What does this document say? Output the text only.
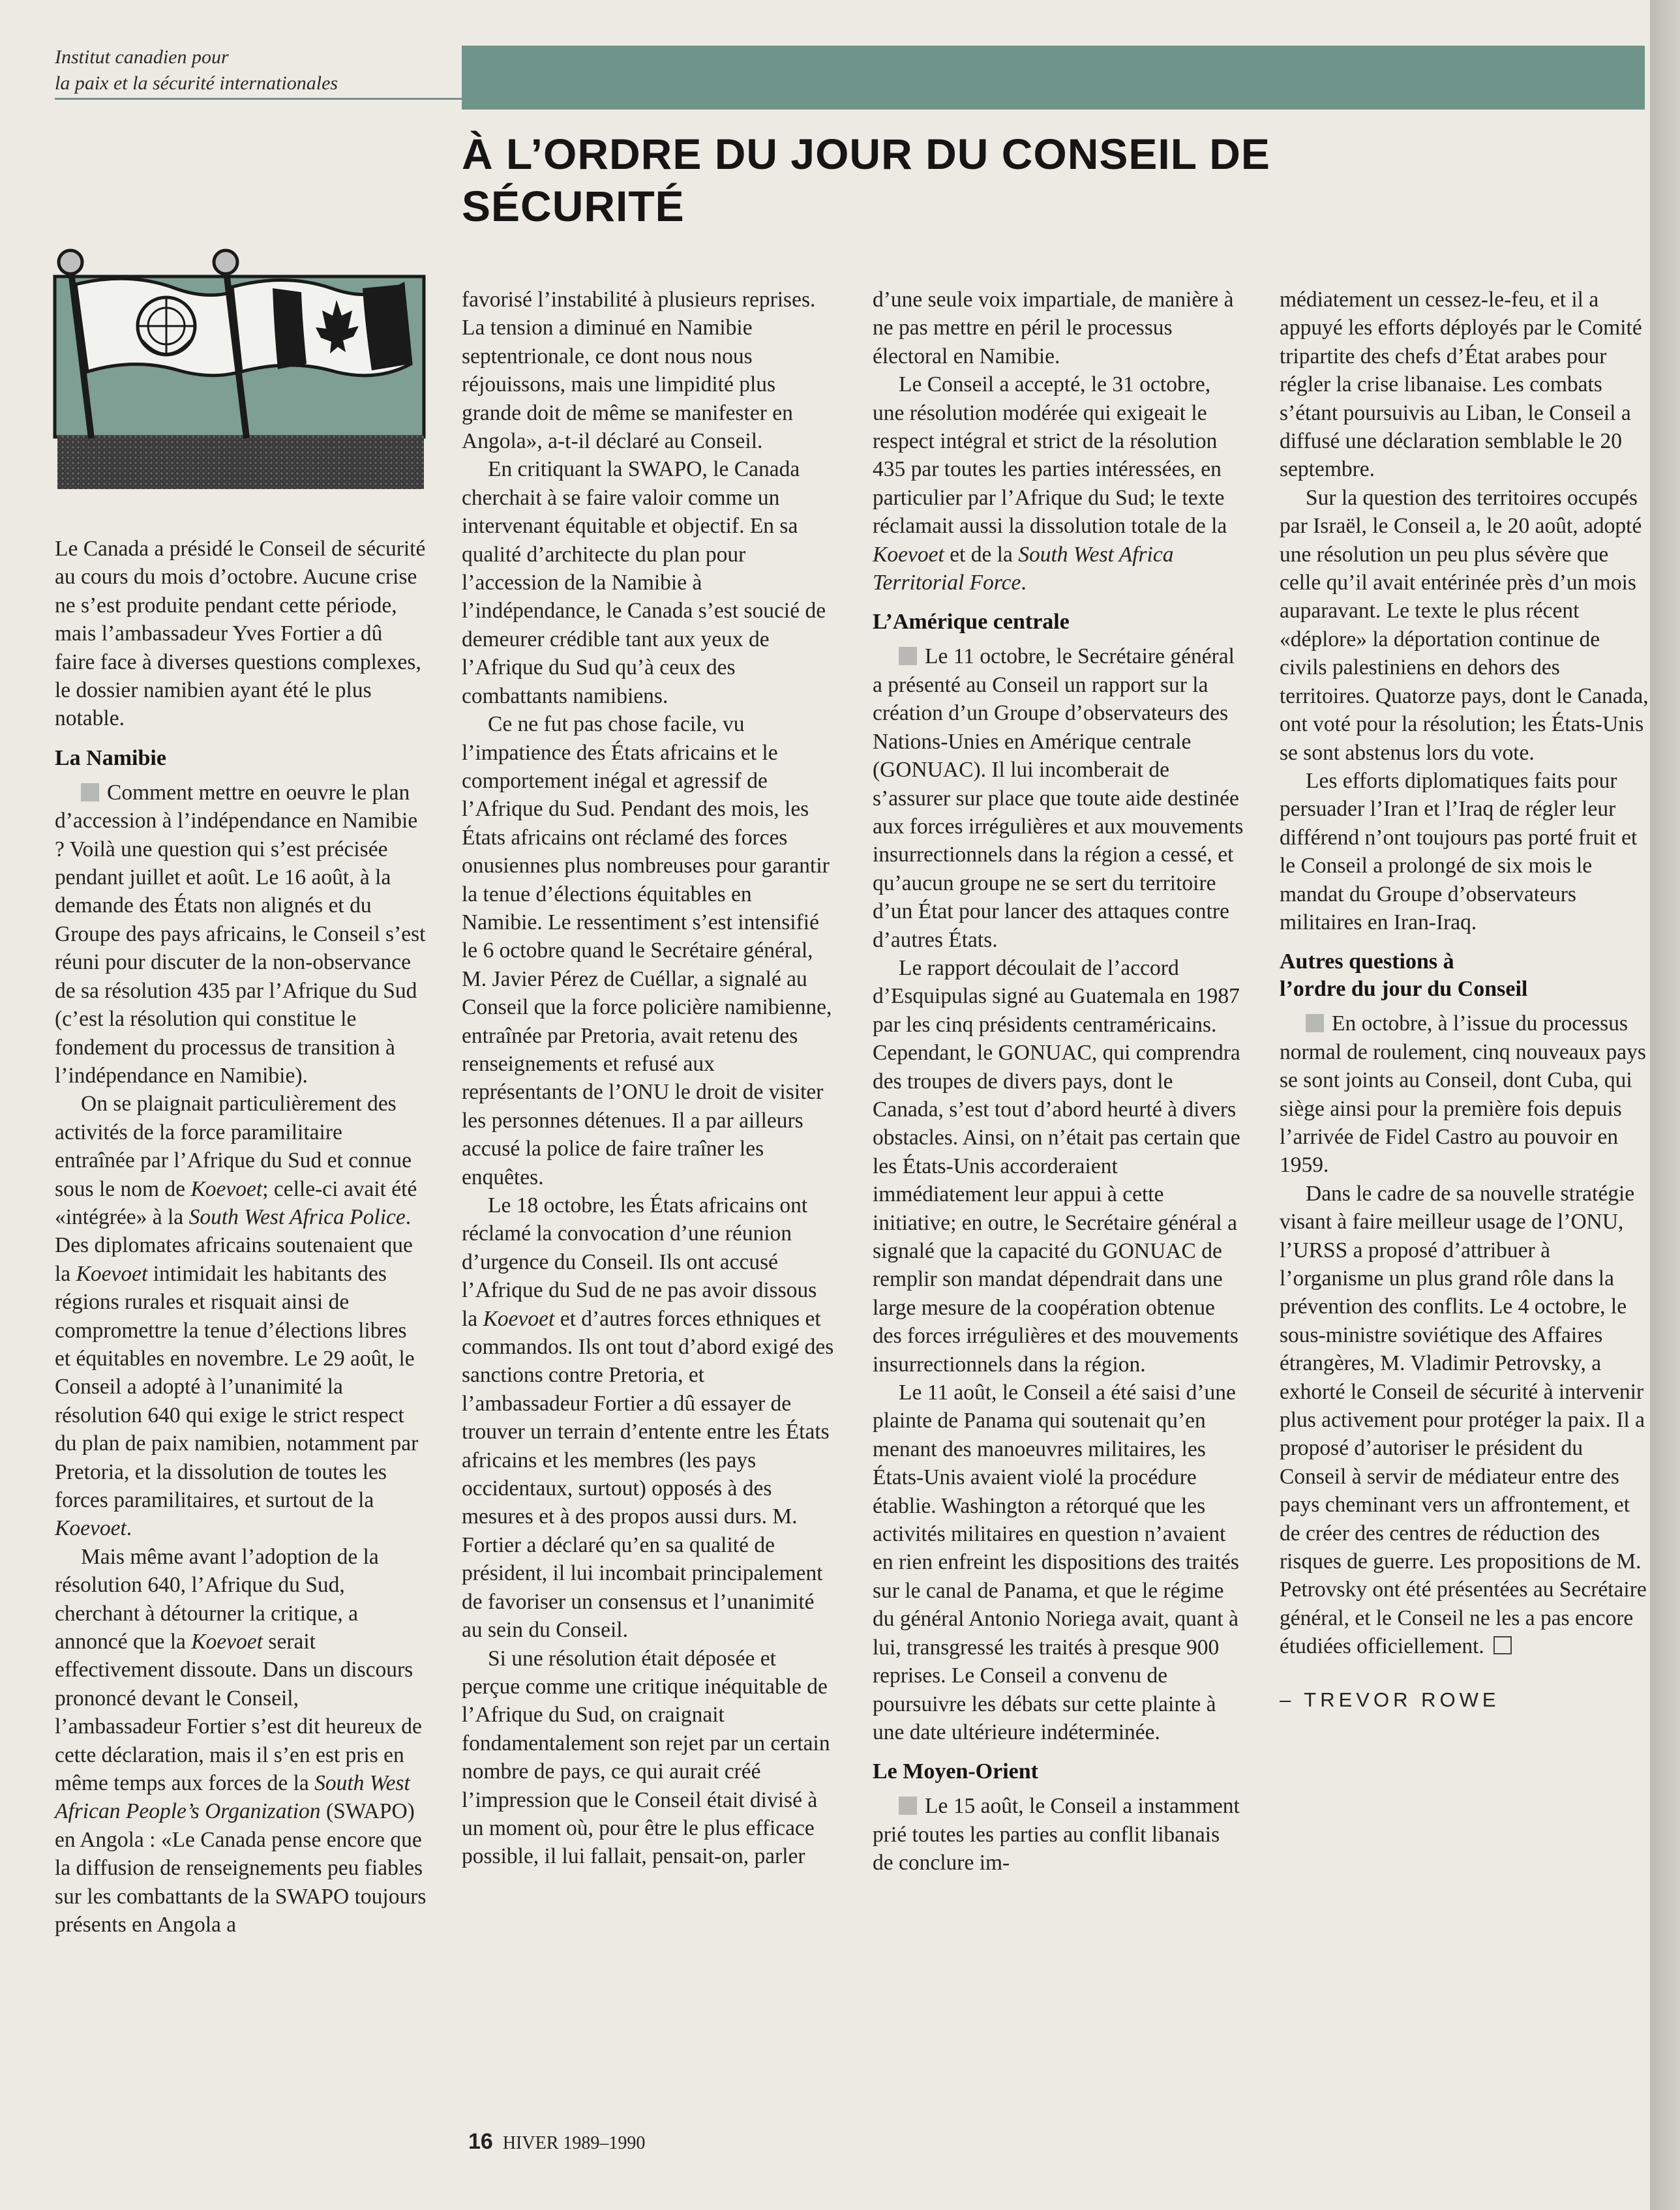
Institut canadien pour
la paix et la sécurité internationales
À L’ORDRE DU JOUR DU CONSEIL DE SÉCURITÉ

Le Canada a présidé le Conseil de sécurité au cours du mois d’octobre. Aucune crise ne s’est produite pendant cette période, mais l’ambassadeur Yves Fortier a dû faire face à diverses questions complexes, le dossier namibien ayant été le plus notable.

La Namibie

Comment mettre en oeuvre le plan d’accession à l’indépendance en Namibie ? Voilà une question qui s’est précisée pendant juillet et août. Le 16 août, à la demande des États non alignés et du Groupe des pays africains, le Conseil s’est réuni pour discuter de la non-observance de sa résolution 435 par l’Afrique du Sud (c’est la résolution qui constitue le fondement du processus de transition à l’indépendance en Namibie).

On se plaignait particulièrement des activités de la force paramilitaire entraînée par l’Afrique du Sud et connue sous le nom de Koevoet; celle-ci avait été «intégrée» à la South West Africa Police. Des diplomates africains soutenaient que la Koevoet intimidait les habitants des régions rurales et risquait ainsi de compromettre la tenue d’élections libres et équitables en novembre. Le 29 août, le Conseil a adopté à l’unanimité la résolution 640 qui exige le strict respect du plan de paix namibien, notamment par Pretoria, et la dissolution de toutes les forces paramilitaires, et surtout de la Koevoet.

Mais même avant l’adoption de la résolution 640, l’Afrique du Sud, cherchant à détourner la critique, a annoncé que la Koevoet serait effectivement dissoute. Dans un discours prononcé devant le Conseil, l’ambassadeur Fortier s’est dit heureux de cette déclaration, mais il s’en est pris en même temps aux forces de la South West African People’s Organization (SWAPO) en Angola : «Le Canada pense encore que la diffusion de renseignements peu fiables sur les combattants de la SWAPO toujours présents en Angola a

favorisé l’instabilité à plusieurs reprises. La tension a diminué en Namibie septentrionale, ce dont nous nous réjouissons, mais une limpidité plus grande doit de même se manifester en Angola», a-t-il déclaré au Conseil.

En critiquant la SWAPO, le Canada cherchait à se faire valoir comme un intervenant équitable et objectif. En sa qualité d’architecte du plan pour l’accession de la Namibie à l’indépendance, le Canada s’est soucié de demeurer crédible tant aux yeux de l’Afrique du Sud qu’à ceux des combattants namibiens.

Ce ne fut pas chose facile, vu l’impatience des États africains et le comportement inégal et agressif de l’Afrique du Sud. Pendant des mois, les États africains ont réclamé des forces onusiennes plus nombreuses pour garantir la tenue d’élections équitables en Namibie. Le ressentiment s’est intensifié le 6 octobre quand le Secrétaire général, M. Javier Pérez de Cuéllar, a signalé au Conseil que la force policière namibienne, entraînée par Pretoria, avait retenu des renseignements et refusé aux représentants de l’ONU le droit de visiter les personnes détenues. Il a par ailleurs accusé la police de faire traîner les enquêtes.

Le 18 octobre, les États africains ont réclamé la convocation d’une réunion d’urgence du Conseil. Ils ont accusé l’Afrique du Sud de ne pas avoir dissous la Koevoet et d’autres forces ethniques et commandos. Ils ont tout d’abord exigé des sanctions contre Pretoria, et l’ambassadeur Fortier a dû essayer de trouver un terrain d’entente entre les États africains et les membres (les pays occidentaux, surtout) opposés à des mesures et à des propos aussi durs. M. Fortier a déclaré qu’en sa qualité de président, il lui incombait principalement de favoriser un consensus et l’unanimité au sein du Conseil.

Si une résolution était déposée et perçue comme une critique inéquitable de l’Afrique du Sud, on craignait fondamentalement son rejet par un certain nombre de pays, ce qui aurait créé l’impression que le Conseil était divisé à un moment où, pour être le plus efficace possible, il lui fallait, pensait-on, parler

d’une seule voix impartiale, de manière à ne pas mettre en péril le processus électoral en Namibie.

Le Conseil a accepté, le 31 octobre, une résolution modérée qui exigeait le respect intégral et strict de la résolution 435 par toutes les parties intéressées, en particulier par l’Afrique du Sud; le texte réclamait aussi la dissolution totale de la Koevoet et de la South West Africa Territorial Force.

L’Amérique centrale

Le 11 octobre, le Secrétaire général a présenté au Conseil un rapport sur la création d’un Groupe d’observateurs des Nations-Unies en Amérique centrale (GONUAC). Il lui incomberait de s’assurer sur place que toute aide destinée aux forces irrégulières et aux mouvements insurrectionnels dans la région a cessé, et qu’aucun groupe ne se sert du territoire d’un État pour lancer des attaques contre d’autres États.

Le rapport découlait de l’accord d’Esquipulas signé au Guatemala en 1987 par les cinq présidents centraméricains. Cependant, le GONUAC, qui comprendra des troupes de divers pays, dont le Canada, s’est tout d’abord heurté à divers obstacles. Ainsi, on n’était pas certain que les États-Unis accorderaient immédiatement leur appui à cette initiative; en outre, le Secrétaire général a signalé que la capacité du GONUAC de remplir son mandat dépendrait dans une large mesure de la coopération obtenue des forces irrégulières et des mouvements insurrectionnels dans la région.

Le 11 août, le Conseil a été saisi d’une plainte de Panama qui soutenait qu’en menant des manoeuvres militaires, les États-Unis avaient violé la procédure établie. Washington a rétorqué que les activités militaires en question n’avaient en rien enfreint les dispositions des traités sur le canal de Panama, et que le régime du général Antonio Noriega avait, quant à lui, transgressé les traités à presque 900 reprises. Le Conseil a convenu de poursuivre les débats sur cette plainte à une date ultérieure indéterminée.

Le Moyen-Orient

Le 15 août, le Conseil a instamment prié toutes les parties au conflit libanais de conclure im-

médiatement un cessez-le-feu, et il a appuyé les efforts déployés par le Comité tripartite des chefs d’État arabes pour régler la crise libanaise. Les combats s’étant poursuivis au Liban, le Conseil a diffusé une déclaration semblable le 20 septembre.

Sur la question des territoires occupés par Israël, le Conseil a, le 20 août, adopté une résolution un peu plus sévère que celle qu’il avait entérinée près d’un mois auparavant. Le texte le plus récent «déplore» la déportation continue de civils palestiniens en dehors des territoires. Quatorze pays, dont le Canada, ont voté pour la résolution; les États-Unis se sont abstenus lors du vote.

Les efforts diplomatiques faits pour persuader l’Iran et l’Iraq de régler leur différend n’ont toujours pas porté fruit et le Conseil a prolongé de six mois le mandat du Groupe d’observateurs militaires en Iran-Iraq.

Autres questions à
l’ordre du jour du Conseil

En octobre, à l’issue du processus normal de roulement, cinq nouveaux pays se sont joints au Conseil, dont Cuba, qui siège ainsi pour la première fois depuis l’arrivée de Fidel Castro au pouvoir en 1959.

Dans le cadre de sa nouvelle stratégie visant à faire meilleur usage de l’ONU, l’URSS a proposé d’attribuer à l’organisme un plus grand rôle dans la prévention des conflits. Le 4 octobre, le sous-ministre soviétique des Affaires étrangères, M. Vladimir Petrovsky, a exhorté le Conseil de sécurité à intervenir plus activement pour protéger la paix. Il a proposé d’autoriser le président du Conseil à servir de médiateur entre des pays cheminant vers un affrontement, et de créer des centres de réduction des risques de guerre. Les propositions de M. Petrovsky ont été présentées au Secrétaire général, et le Conseil ne les a pas encore étudiées officiellement.

– TREVOR ROWE
16 HIVER 1989–1990
